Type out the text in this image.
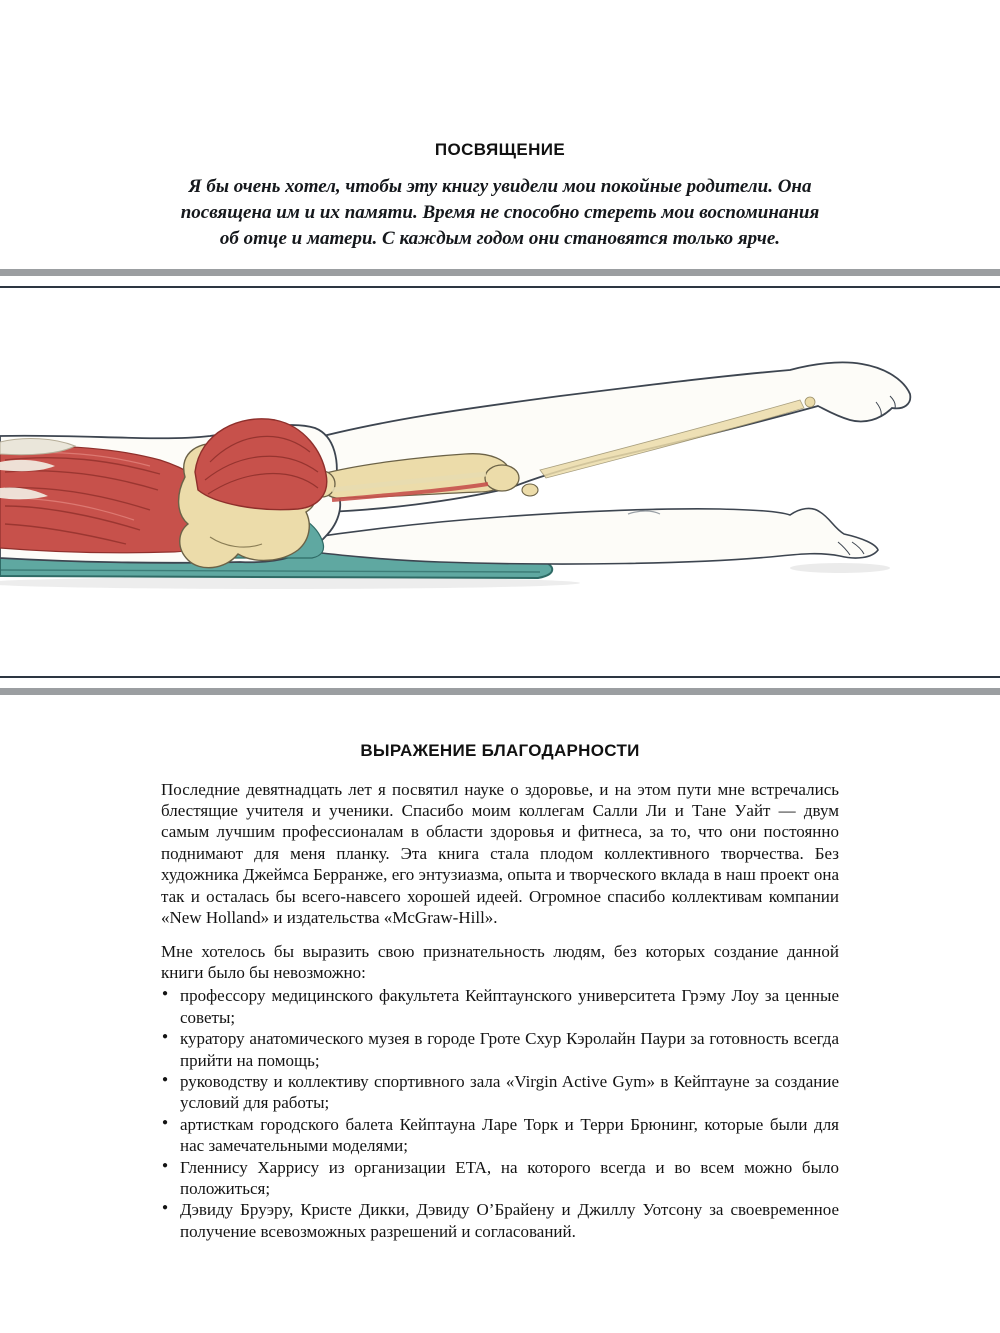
ПОСВЯЩЕНИЕ

Я бы очень хотел, чтобы эту книгу увидели мои покойные родители. Она посвящена им и их памяти. Время не способно стереть мои воспоминания об отце и матери. С каждым годом они становятся только ярче.

ВЫРАЖЕНИЕ БЛАГОДАРНОСТИ

Последние девятнадцать лет я посвятил науке о здоровье, и на этом пути мне встречались блестящие учителя и ученики. Спасибо моим коллегам Салли Ли и Тане Уайт — двум самым лучшим профессионалам в области здоровья и фитнеса, за то, что они постоянно поднимают для меня планку. Эта книга стала плодом коллективного творчества. Без художника Джеймса Берранже, его энтузиазма, опыта и творческого вклада в наш проект она так и осталась бы всего-навсего хорошей идеей. Огромное спасибо коллективам компании «New Holland» и издательства «McGraw-Hill».

Мне хотелось бы выразить свою признательность людям, без которых создание данной книги было бы невозможно:

● профессору медицинского факультета Кейптаунского университета Грэму Лоу за ценные советы;
● куратору анатомического музея в городе Гроте Схур Кэролайн Паури за готовность всегда прийти на помощь;
● руководству и коллективу спортивного зала «Virgin Active Gym» в Кейптауне за создание условий для работы;
● артисткам городского балета Кейптауна Ларе Торк и Терри Брюнинг, которые были для нас замечательными моделями;
● Гленнису Харрису из организации ETA, на которого всегда и во всем можно было положиться;
● Дэвиду Бруэру, Кристе Дикки, Дэвиду О’Брайену и Джиллу Уотсону за своевременное получение всевозможных разрешений и согласований.
